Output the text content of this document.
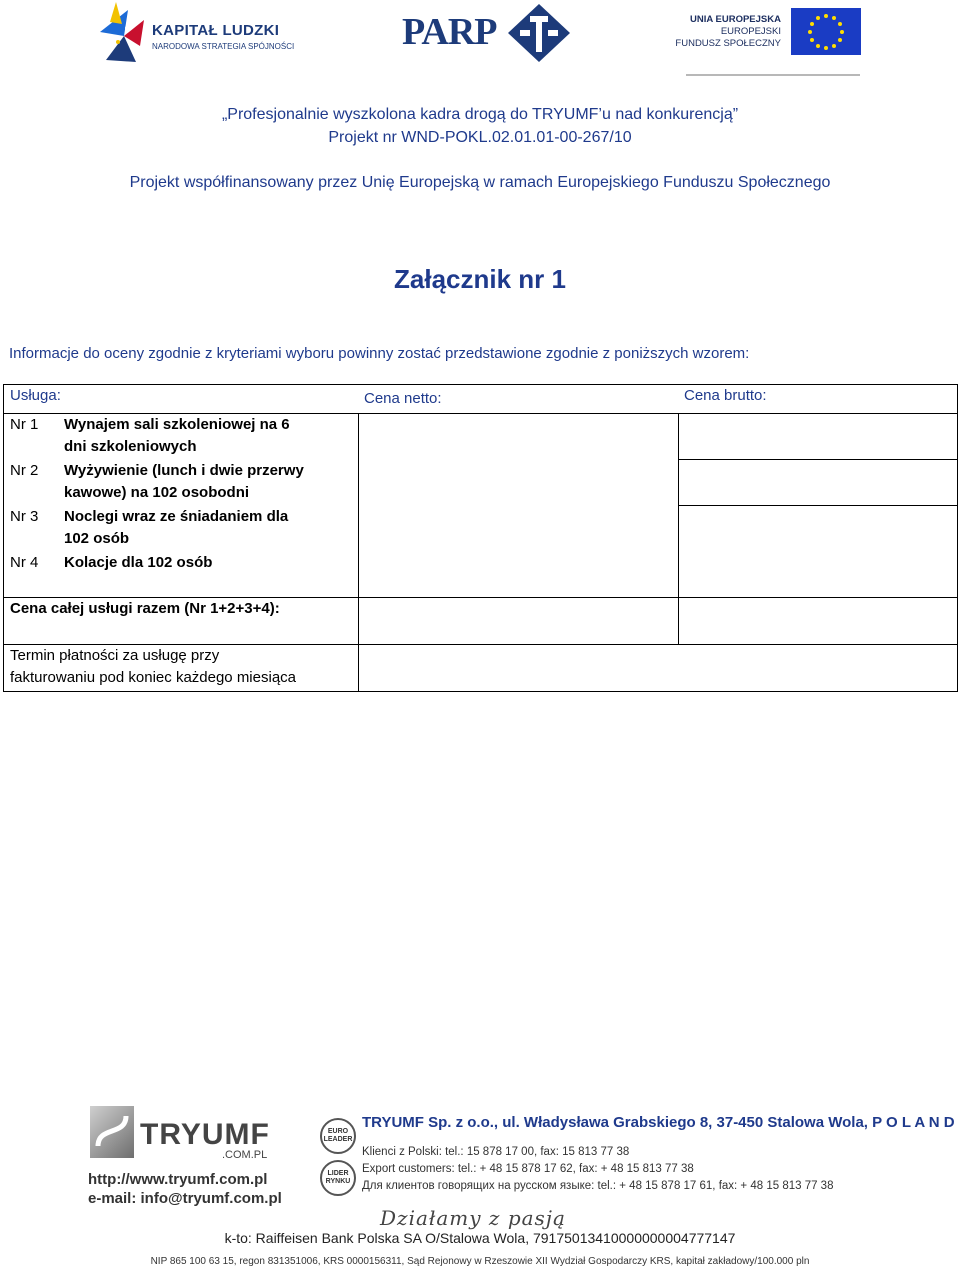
KAPITAŁ LUDZKI
NARODOWA STRATEGIA SPÓJNOŚCI	PARP	UNIA EUROPEJSKA
EUROPEJSKI
FUNDUSZ SPOŁECZNY
„Profesjonalnie wyszkolona kadra drogą do TRYUMF’u nad konkurencją”
Projekt nr WND-POKL.02.01.01-00-267/10
Projekt współfinansowany przez Unię Europejską w ramach Europejskiego Funduszu Społecznego
Załącznik nr 1
Informacje do oceny zgodnie z kryteriami wyboru powinny zostać przedstawione zgodnie z poniższych wzorem:
Usługa:	Cena netto:	Cena brutto:
Nr 1 Wynajem sali szkoleniowej na 6
dni szkoleniowych
Nr 2 Wyżywienie (lunch i dwie przerwy
kawowe) na 102 osobodni
Nr 3 Noclegi wraz ze śniadaniem dla
102 osób
Nr 4 Kolacje dla 102 osób
Cena całej usługi razem (Nr 1+2+3+4):
Termin płatności za usługę przy
fakturowaniu pod koniec każdego miesiąca
TRYUMF
.COM.PL
http://www.tryumf.com.pl
e-mail: info@tryumf.com.pl
EURO LEADER
LIDER RYNKU
TRYUMF Sp. z o.o., ul. Władysława Grabskiego 8, 37-450 Stalowa Wola, P O L A N D
Klienci z Polski: tel.: 15 878 17 00, fax: 15 813 77 38
Export customers: tel.: + 48 15 878 17 62, fax: + 48 15 813 77 38
Для клиентов говорящих на русском языке: tel.: + 48 15 878 17 61, fax: + 48 15 813 77 38
Działamy z pasją
k-to: Raiffeisen Bank Polska SA O/Stalowa Wola, 79175013410000000004777147
NIP 865 100 63 15, regon 831351006, KRS 0000156311, Sąd Rejonowy w Rzeszowie XII Wydział Gospodarczy KRS, kapitał zakładowy/100.000 pln
